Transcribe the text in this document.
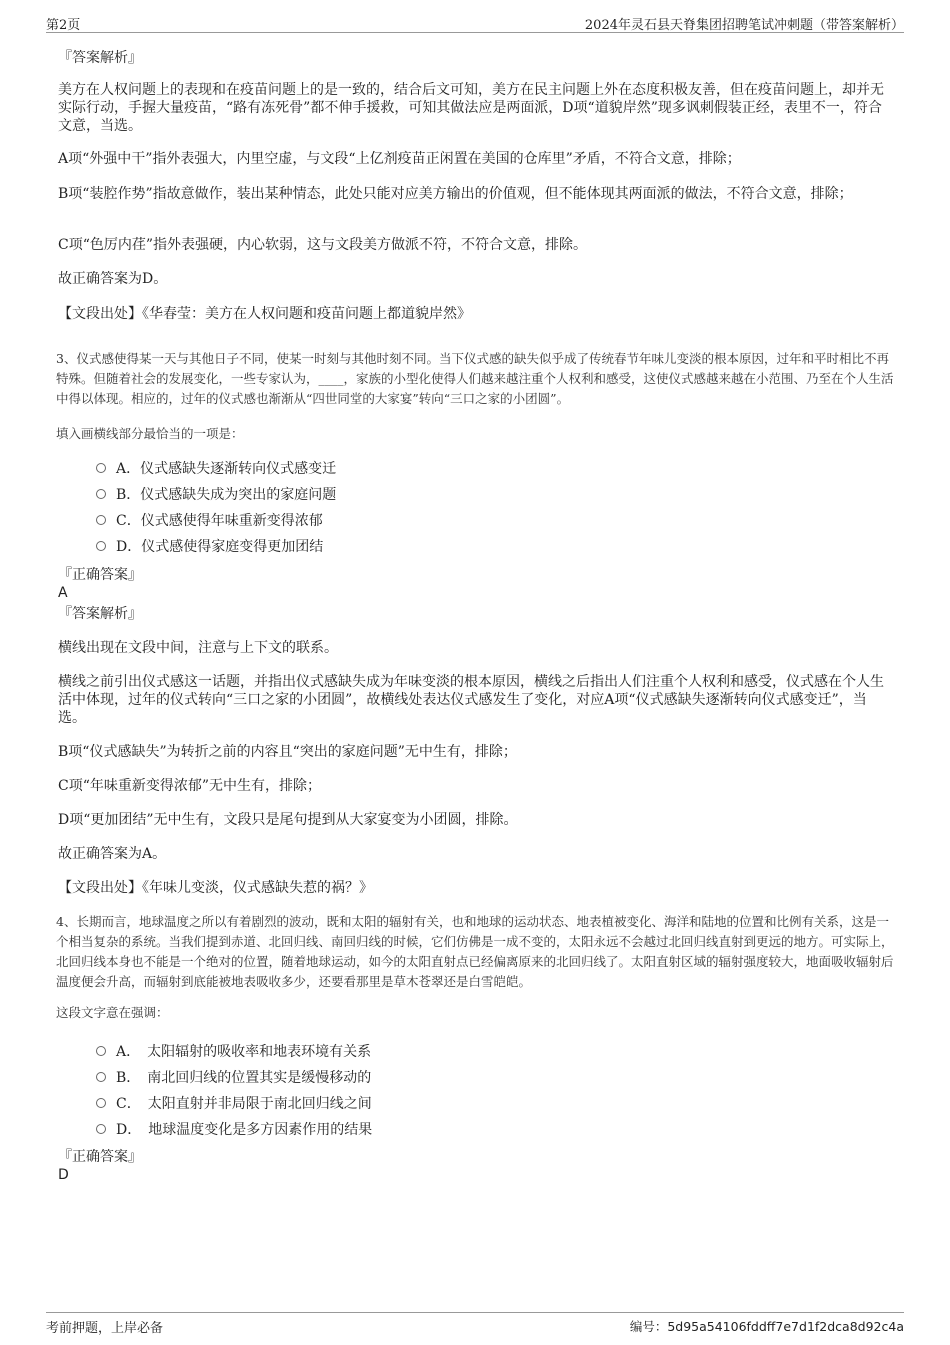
第2页	2024年灵石县天脊集团招聘笔试冲刺题（带答案解析）
『答案解析』

美方在人权问题上的表现和在疫苗问题上的是一致的，结合后文可知，美方在民主问题上外在态度积极友善，但在疫苗问题上，却并无实际行动，手握大量疫苗，“路有冻死骨”都不伸手援救，可知其做法应是两面派，D项“道貌岸然”现多讽刺假装正经，表里不一，符合文意，当选。

A项“外强中干”指外表强大，内里空虚，与文段“上亿剂疫苗正闲置在美国的仓库里”矛盾，不符合文意，排除；

B项“装腔作势”指故意做作，装出某种情态，此处只能对应美方输出的价值观，但不能体现其两面派的做法，不符合文意，排除；

C项“色厉内荏”指外表强硬，内心软弱，这与文段美方做派不符，不符合文意，排除。

故正确答案为D。

【文段出处】《华春莹：美方在人权问题和疫苗问题上都道貌岸然》

3、仪式感使得某一天与其他日子不同，使某一时刻与其他时刻不同。当下仪式感的缺失似乎成了传统春节年味儿变淡的根本原因，过年和平时相比不再特殊。但随着社会的发展变化，一些专家认为，____，家族的小型化使得人们越来越注重个人权利和感受，这使仪式感越来越在小范围、乃至在个人生活中得以体现。相应的，过年的仪式感也渐渐从“四世同堂的大家宴”转向“三口之家的小团圆”。
填入画横线部分最恰当的一项是：
A．仪式感缺失逐渐转向仪式感变迁
B．仪式感缺失成为突出的家庭问题
C．仪式感使得年味重新变得浓郁
D．仪式感使得家庭变得更加团结
『正确答案』
A
『答案解析』

横线出现在文段中间，注意与上下文的联系。

横线之前引出仪式感这一话题，并指出仪式感缺失成为年味变淡的根本原因，横线之后指出人们注重个人权利和感受，仪式感在个人生活中体现，过年的仪式转向“三口之家的小团圆”，故横线处表达仪式感发生了变化，对应A项“仪式感缺失逐渐转向仪式感变迁”，当选。

B项“仪式感缺失”为转折之前的内容且“突出的家庭问题”无中生有，排除；

C项“年味重新变得浓郁”无中生有，排除；

D项“更加团结”无中生有，文段只是尾句提到从大家宴变为小团圆，排除。

故正确答案为A。

【文段出处】《年味儿变淡，仪式感缺失惹的祸？》

4、长期而言，地球温度之所以有着剧烈的波动，既和太阳的辐射有关，也和地球的运动状态、地表植被变化、海洋和陆地的位置和比例有关系，这是一个相当复杂的系统。当我们提到赤道、北回归线、南回归线的时候，它们仿佛是一成不变的，太阳永远不会越过北回归线直射到更远的地方。可实际上，北回归线本身也不能是一个绝对的位置，随着地球运动，如今的太阳直射点已经偏离原来的北回归线了。太阳直射区域的辐射强度较大，地面吸收辐射后温度便会升高，而辐射到底能被地表吸收多少，还要看那里是草木苍翠还是白雪皑皑。
这段文字意在强调：
A．　太阳辐射的吸收率和地表环境有关系
B．　南北回归线的位置其实是缓慢移动的
C．　太阳直射并非局限于南北回归线之间
D．　地球温度变化是多方因素作用的结果
『正确答案』
D
考前押题，上岸必备	编号：5d95a54106fddff7e7d1f2dca8d92c4a
